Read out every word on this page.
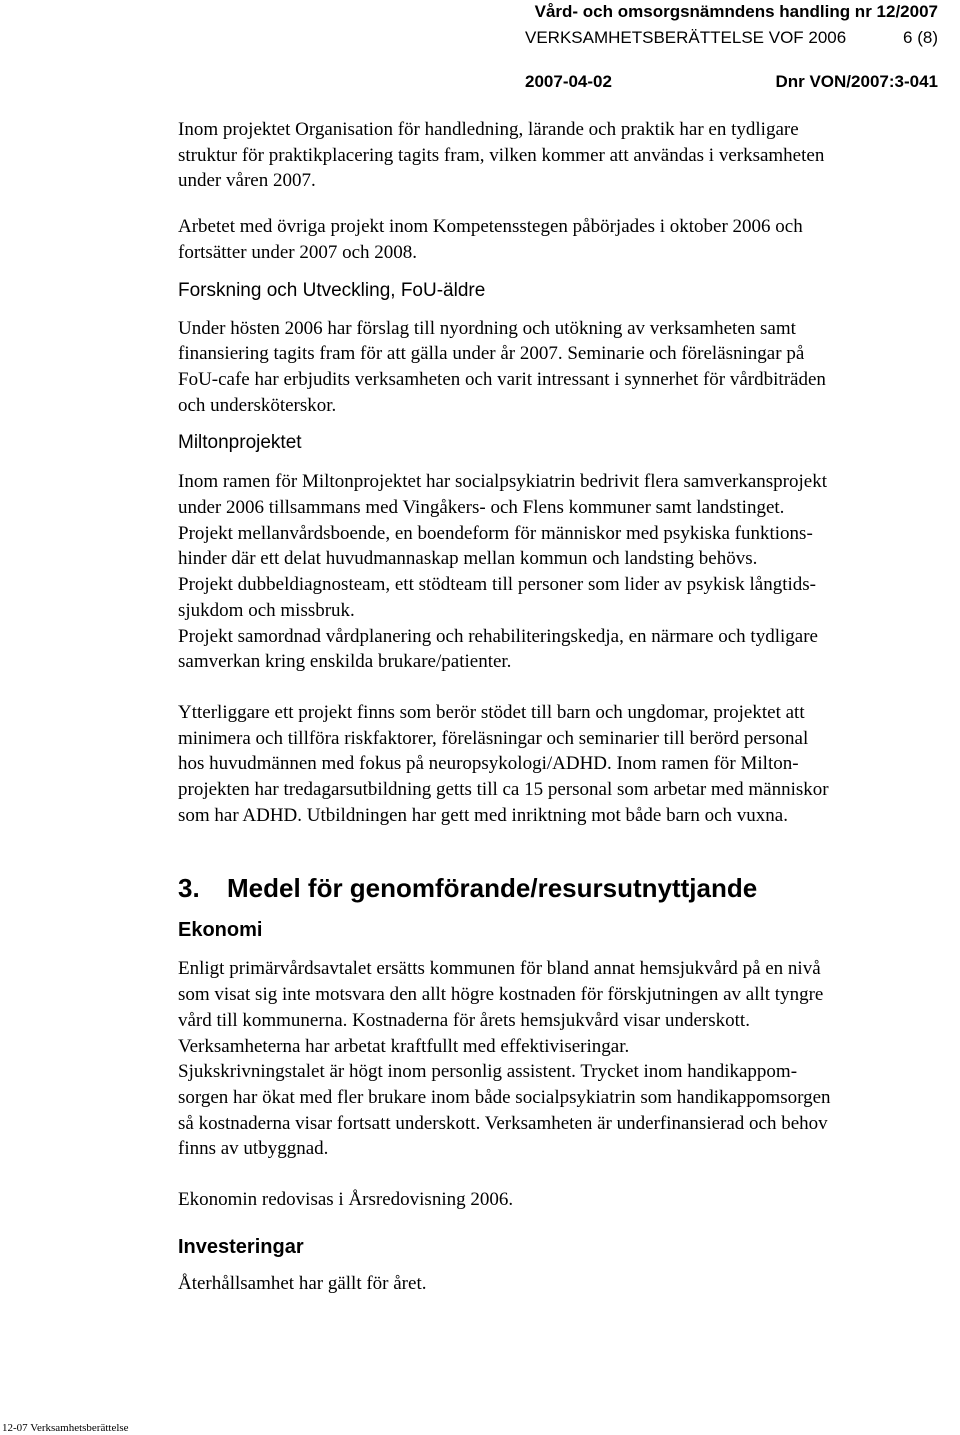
Vård- och omsorgsnämndens handling nr 12/2007
VERKSAMHETSBERÄTTELSE VOF 2006	6 (8)
2007-04-02	Dnr VON/2007:3-041

Inom projektet Organisation för handledning, lärande och praktik har en tydligare
struktur för praktikplacering tagits fram, vilken kommer att användas i verksamheten
under våren 2007.

Arbetet med övriga projekt inom Kompetensstegen påbörjades i oktober 2006 och
fortsätter under 2007 och 2008.

Forskning och Utveckling, FoU-äldre

Under hösten 2006 har förslag till nyordning och utökning av verksamheten samt
finansiering tagits fram för att gälla under år 2007. Seminarie och föreläsningar på
FoU-cafe har erbjudits verksamheten och varit intressant i synnerhet för vårdbiträden
och undersköterskor.

Miltonprojektet

Inom ramen för Miltonprojektet har socialpsykiatrin bedrivit flera samverkansprojekt
under 2006 tillsammans med Vingåkers- och Flens kommuner samt landstinget.
Projekt mellanvårdsboende, en boendeform för människor med psykiska funktions-
hinder där ett delat huvudmannaskap mellan kommun och landsting behövs.
Projekt dubbeldiagnosteam, ett stödteam till personer som lider av psykisk långtids-
sjukdom och missbruk.
Projekt samordnad vårdplanering och rehabiliteringskedja, en närmare och tydligare
samverkan kring enskilda brukare/patienter.

Ytterliggare ett projekt finns som berör stödet till barn och ungdomar, projektet att
minimera och tillföra riskfaktorer, föreläsningar och seminarier till berörd personal
hos huvudmännen med fokus på neuropsykologi/ADHD. Inom ramen för Milton-
projekten har tredagarsutbildning getts till ca 15 personal som arbetar med människor
som har ADHD. Utbildningen har gett med inriktning mot både barn och vuxna.

3. Medel för genomförande/resursutnyttjande
Ekonomi

Enligt primärvårdsavtalet ersätts kommunen för bland annat hemsjukvård på en nivå
som visat sig inte motsvara den allt högre kostnaden för förskjutningen av allt tyngre
vård till kommunerna. Kostnaderna för årets hemsjukvård visar underskott.
Verksamheterna har arbetat kraftfullt med effektiviseringar.
Sjukskrivningstalet är högt inom personlig assistent. Trycket inom handikappom-
sorgen har ökat med fler brukare inom både socialpsykiatrin som handikappomsorgen
så kostnaderna visar fortsatt underskott. Verksamheten är underfinansierad och behov
finns av utbyggnad.

Ekonomin redovisas i Årsredovisning 2006.

Investeringar

Återhållsamhet har gällt för året.

12-07 Verksamhetsberättelse
